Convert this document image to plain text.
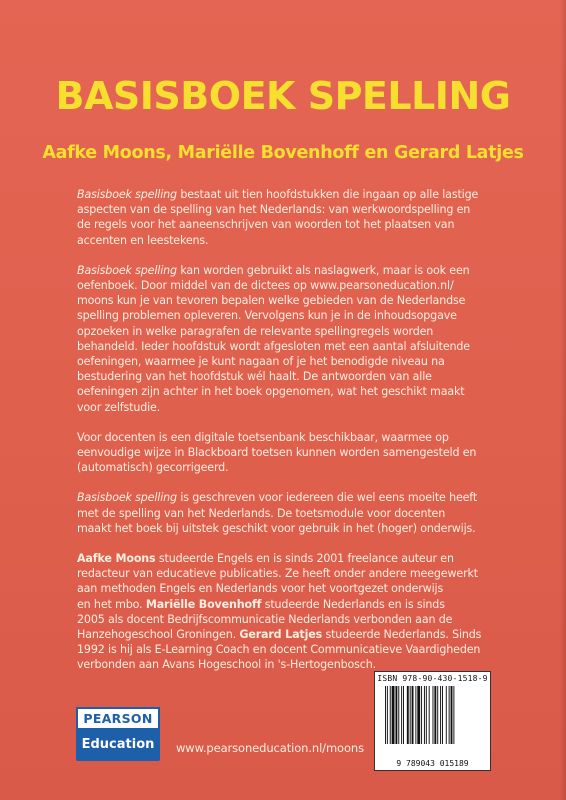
BASISBOEK SPELLING
Aafke Moons, Mariëlle Bovenhoff en Gerard Latjes

Basisboek spelling bestaat uit tien hoofdstukken die ingaan op alle lastige
aspecten van de spelling van het Nederlands: van werkwoordspelling en
de regels voor het aaneenschrijven van woorden tot het plaatsen van
accenten en leestekens.

Basisboek spelling kan worden gebruikt als naslagwerk, maar is ook een
oefenboek. Door middel van de dictees op www.pearsoneducation.nl/
moons kun je van tevoren bepalen welke gebieden van de Nederlandse
spelling problemen opleveren. Vervolgens kun je in de inhoudsopgave
opzoeken in welke paragrafen de relevante spellingregels worden
behandeld. Ieder hoofdstuk wordt afgesloten met een aantal afsluitende
oefeningen, waarmee je kunt nagaan of je het benodigde niveau na
bestudering van het hoofdstuk wél haalt. De antwoorden van alle
oefeningen zijn achter in het boek opgenomen, wat het geschikt maakt
voor zelfstudie.

Voor docenten is een digitale toetsenbank beschikbaar, waarmee op
eenvoudige wijze in Blackboard toetsen kunnen worden samengesteld en
(automatisch) gecorrigeerd.

Basisboek spelling is geschreven voor iedereen die wel eens moeite heeft
met de spelling van het Nederlands. De toetsmodule voor docenten
maakt het boek bij uitstek geschikt voor gebruik in het (hoger) onderwijs.

Aafke Moons studeerde Engels en is sinds 2001 freelance auteur en
redacteur van educatieve publicaties. Ze heeft onder andere meegewerkt
aan methoden Engels en Nederlands voor het voortgezet onderwijs
en het mbo. Mariëlle Bovenhoff studeerde Nederlands en is sinds
2005 als docent Bedrijfscommunicatie Nederlands verbonden aan de
Hanzehogeschool Groningen. Gerard Latjes studeerde Nederlands. Sinds
1992 is hij als E-Learning Coach en docent Communicatieve Vaardigheden
verbonden aan Avans Hogeschool in 's-Hertogenbosch.

ISBN 978-90-430-1518-9
9 789043 015189
PEARSON
Education	www.pearsoneducation.nl/moons
